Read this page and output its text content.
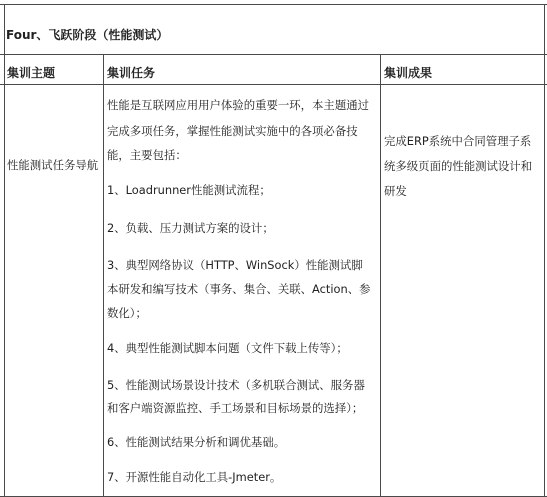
Four、飞跃阶段（性能测试）
集训主题	集训任务	集训成果
性能测试任务导航
性能是互联网应用用户体验的重要一环，本主题通过
完成多项任务，掌握性能测试实施中的各项必备技
能，主要包括：
1、Loadrunner性能测试流程；
2、负载、压力测试方案的设计；
3、典型网络协议（HTTP、WinSock）性能测试脚
本研发和编写技术（事务、集合、关联、Action、参
数化）；
4、典型性能测试脚本问题（文件下载上传等）；
5、性能测试场景设计技术（多机联合测试、服务器
和客户端资源监控、手工场景和目标场景的选择）；
6、性能测试结果分析和调优基础。
7、开源性能自动化工具-Jmeter。
完成ERP系统中合同管理子系
统多级页面的性能测试设计和
研发
